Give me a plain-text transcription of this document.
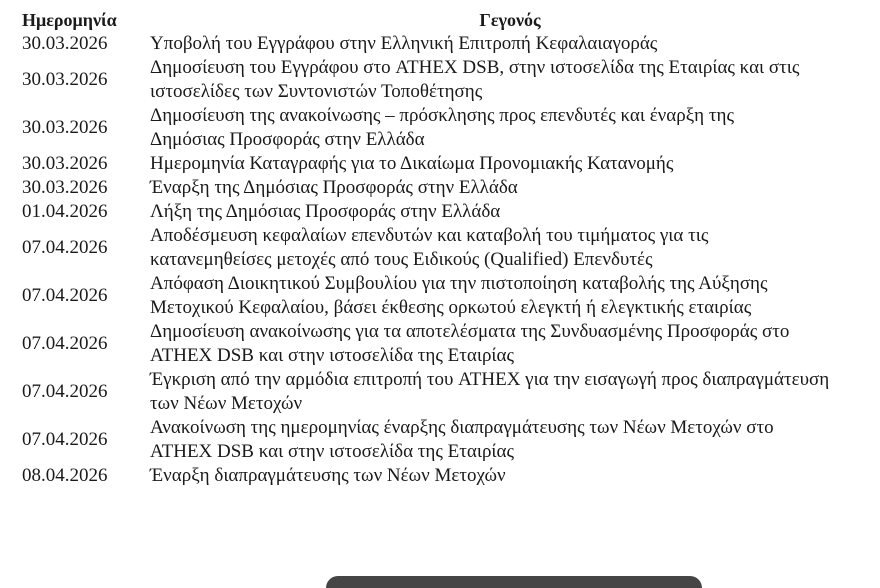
Ημερομηνία	Γεγονός
30.03.2026	Υποβολή του Εγγράφου στην Ελληνική Επιτροπή Κεφαλαιαγοράς
30.03.2026	Δημοσίευση του Εγγράφου στο ATHEX DSB, στην ιστοσελίδα της Εταιρίας και στις ιστοσελίδες των Συντονιστών Τοποθέτησης
30.03.2026	Δημοσίευση της ανακοίνωσης – πρόσκλησης προς επενδυτές και έναρξη της Δημόσιας Προσφοράς στην Ελλάδα
30.03.2026	Ημερομηνία Καταγραφής για το Δικαίωμα Προνομιακής Κατανομής
30.03.2026	Έναρξη της Δημόσιας Προσφοράς στην Ελλάδα
01.04.2026	Λήξη της Δημόσιας Προσφοράς στην Ελλάδα
07.04.2026	Αποδέσμευση κεφαλαίων επενδυτών και καταβολή του τιμήματος για τις κατανεμηθείσες μετοχές από τους Ειδικούς (Qualified) Επενδυτές
07.04.2026	Απόφαση Διοικητικού Συμβουλίου για την πιστοποίηση καταβολής της Αύξησης Μετοχικού Κεφαλαίου, βάσει έκθεσης ορκωτού ελεγκτή ή ελεγκτικής εταιρίας
07.04.2026	Δημοσίευση ανακοίνωσης για τα αποτελέσματα της Συνδυασμένης Προσφοράς στο ATHEX DSB και στην ιστοσελίδα της Εταιρίας
07.04.2026	Έγκριση από την αρμόδια επιτροπή του ATHEX για την εισαγωγή προς διαπραγμάτευση των Νέων Μετοχών
07.04.2026	Ανακοίνωση της ημερομηνίας έναρξης διαπραγμάτευσης των Νέων Μετοχών στο ATHEX DSB και στην ιστοσελίδα της Εταιρίας
08.04.2026	Έναρξη διαπραγμάτευσης των Νέων Μετοχών
